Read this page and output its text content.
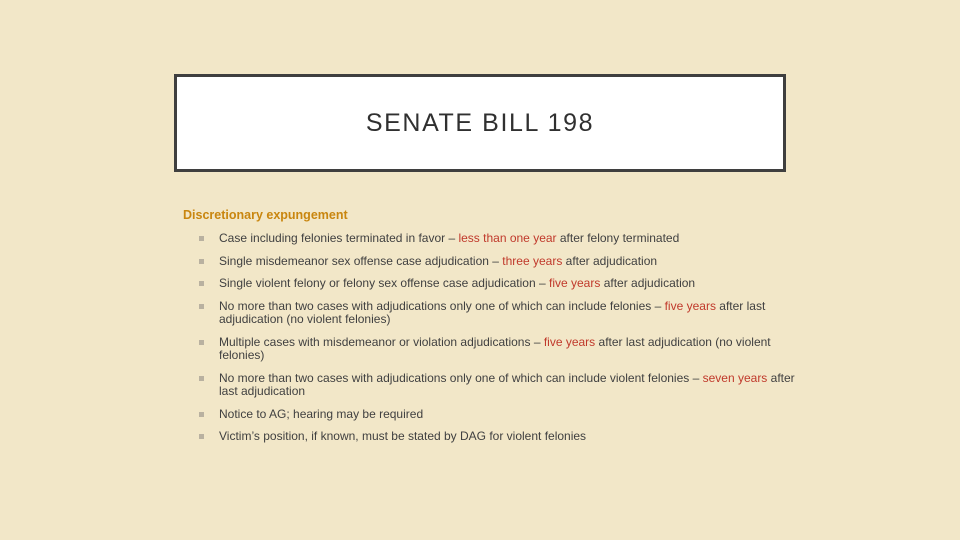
SENATE BILL 198
Discretionary expungement
Case including felonies terminated in favor – less than one year after felony terminated
Single misdemeanor sex offense case adjudication – three years after adjudication
Single violent felony or felony sex offense case adjudication – five years after adjudication
No more than two cases with adjudications only one of which can include felonies – five years after last adjudication (no violent felonies)
Multiple cases with misdemeanor or violation adjudications – five years after last adjudication (no violent felonies)
No more than two cases with adjudications only one of which can include violent felonies – seven years after last adjudication
Notice to AG; hearing may be required
Victim’s position, if known, must be stated by DAG for violent felonies
